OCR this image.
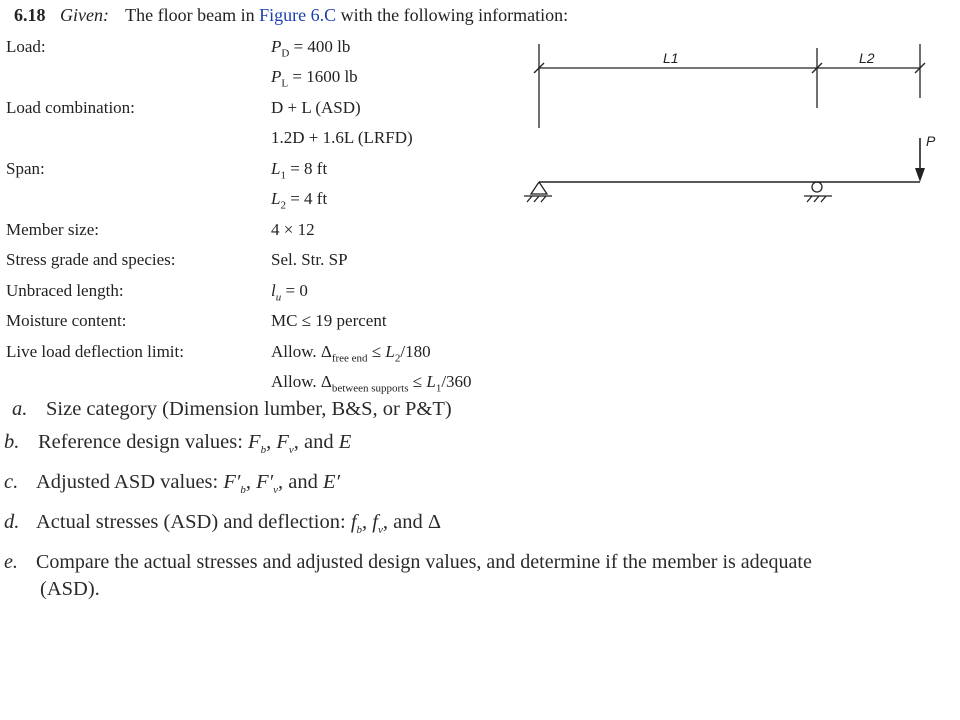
6.18 Given: The floor beam in Figure 6.C with the following information:
Load:	$P_D = 400$ lb
$P_L = 1600$ lb
Load combination:	D + L (ASD)
1.2D + 1.6L (LRFD)
Span:	$L_1 = 8$ ft
$L_2 = 4$ ft
Member size:	4 × 12
Stress grade and species:	Sel. Str. SP
Unbraced length:	$l_u = 0$
Moisture content:	MC ≤ 19 percent
Live load deflection limit:	Allow. $\Delta_{free end} \le L_2/180$
Allow. $\Delta_{between supports} \le L_1/360$
L1	L2
P
a. Size category (Dimension lumber, B&S, or P&T)
b. Reference design values: $F_b$, $F_v$, and E
c. Adjusted ASD values: $F'_b$, $F'_v$, and E′
d. Actual stresses (ASD) and deflection: $f_b$, $f_v$, and Δ
e. Compare the actual stresses and adjusted design values, and determine if the member is adequate
(ASD).
